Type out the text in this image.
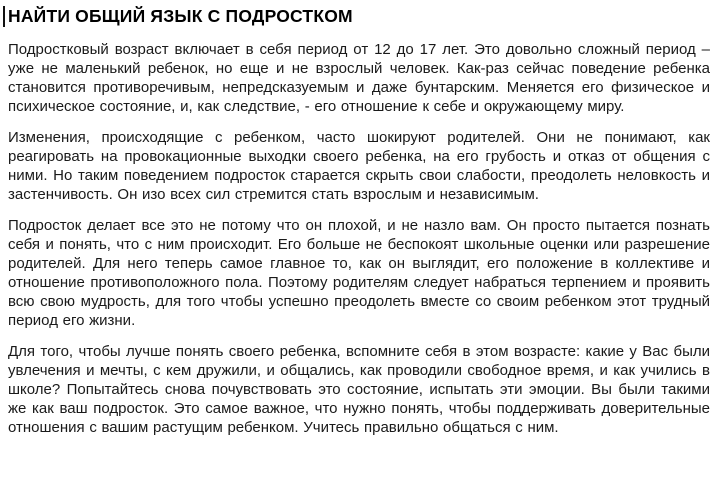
НАЙТИ ОБЩИЙ ЯЗЫК С ПОДРОСТКОМ

Подростковый возраст включает в себя период от 12 до 17 лет. Это довольно сложный период – уже не маленький ребенок, но еще и не взрослый человек. Как-раз сейчас поведение ребенка становится противоречивым, непредсказуемым и даже бунтарским. Меняется его физическое и психическое состояние, и, как следствие, - его отношение к себе и окружающему миру.

Изменения, происходящие с ребенком, часто шокируют родителей. Они не понимают, как реагировать на провокационные выходки своего ребенка, на его грубость и отказ от общения с ними. Но таким поведением подросток старается скрыть свои слабости, преодолеть неловкость и застенчивость. Он изо всех сил стремится стать взрослым и независимым.

Подросток делает все это не потому что он плохой, и не назло вам. Он просто пытается познать себя и понять, что с ним происходит. Его больше не беспокоят школьные оценки или разрешение родителей. Для него теперь самое главное то, как он выглядит, его положение в коллективе и отношение противоположного пола. Поэтому родителям следует набраться терпением и проявить всю свою мудрость, для того чтобы успешно преодолеть вместе со своим ребенком этот трудный период его жизни.

Для того, чтобы лучше понять своего ребенка, вспомните себя в этом возрасте: какие у Вас были увлечения и мечты, с кем дружили, и общались, как проводили свободное время, и как учились в школе? Попытайтесь снова почувствовать это состояние, испытать эти эмоции. Вы были такими же как ваш подросток. Это самое важное, что нужно понять, чтобы поддерживать доверительные отношения с вашим растущим ребенком. Учитесь правильно общаться с ним.
